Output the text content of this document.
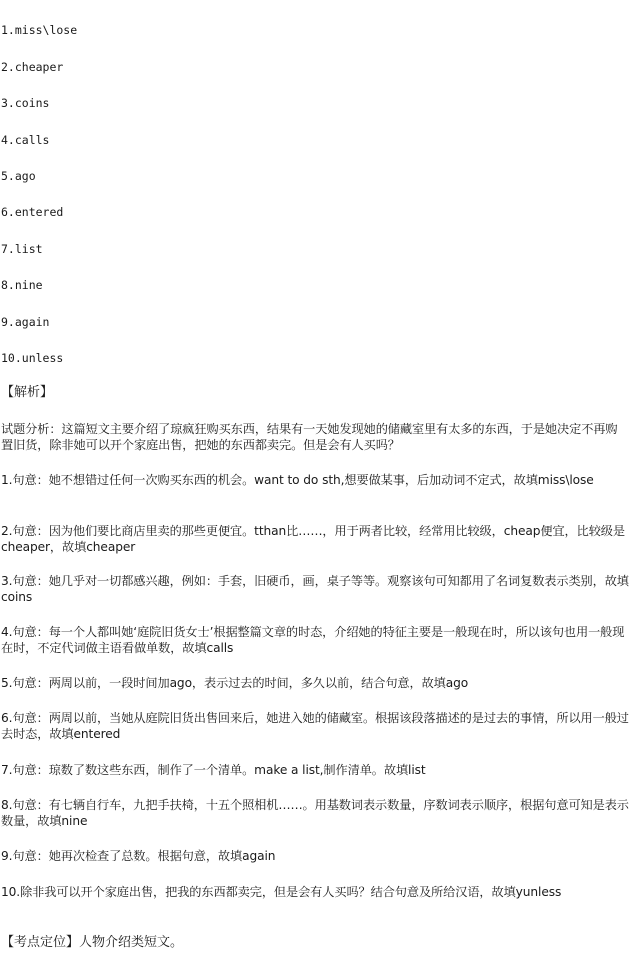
1.miss\lose
2.cheaper
3.coins
4.calls
5.ago
6.entered
7.list
8.nine
9.again
10.unless
【解析】
试题分析：这篇短文主要介绍了琼疯狂购买东西，结果有一天她发现她的储藏室里有太多的东西，于是她决定不再购置旧货，除非她可以开个家庭出售，把她的东西都卖完。但是会有人买吗？
1.句意：她不想错过任何一次购买东西的机会。want to do sth,想要做某事，后加动词不定式，故填miss\lose
2.句意：因为他们要比商店里卖的那些更便宜。tthan比……，用于两者比较，经常用比较级，cheap便宜，比较级是cheaper，故填cheaper
3.句意：她几乎对一切都感兴趣，例如：手套，旧硬币，画，桌子等等。观察该句可知都用了名词复数表示类别，故填coins
4.句意：每一个人都叫她‘庭院旧货女士’根据整篇文章的时态，介绍她的特征主要是一般现在时，所以该句也用一般现在时，不定代词做主语看做单数，故填calls
5.句意：两周以前，一段时间加ago，表示过去的时间，多久以前，结合句意，故填ago
6.句意：两周以前，当她从庭院旧货出售回来后，她进入她的储藏室。根据该段落描述的是过去的事情，所以用一般过去时态，故填entered
7.句意：琼数了数这些东西，制作了一个清单。make a list,制作清单。故填list
8.句意：有七辆自行车，九把手扶椅，十五个照相机……。用基数词表示数量，序数词表示顺序，根据句意可知是表示数量，故填nine
9.句意：她再次检查了总数。根据句意，故填again
10.除非我可以开个家庭出售，把我的东西都卖完，但是会有人买吗？结合句意及所给汉语，故填yunless
【考点定位】人物介绍类短文。
